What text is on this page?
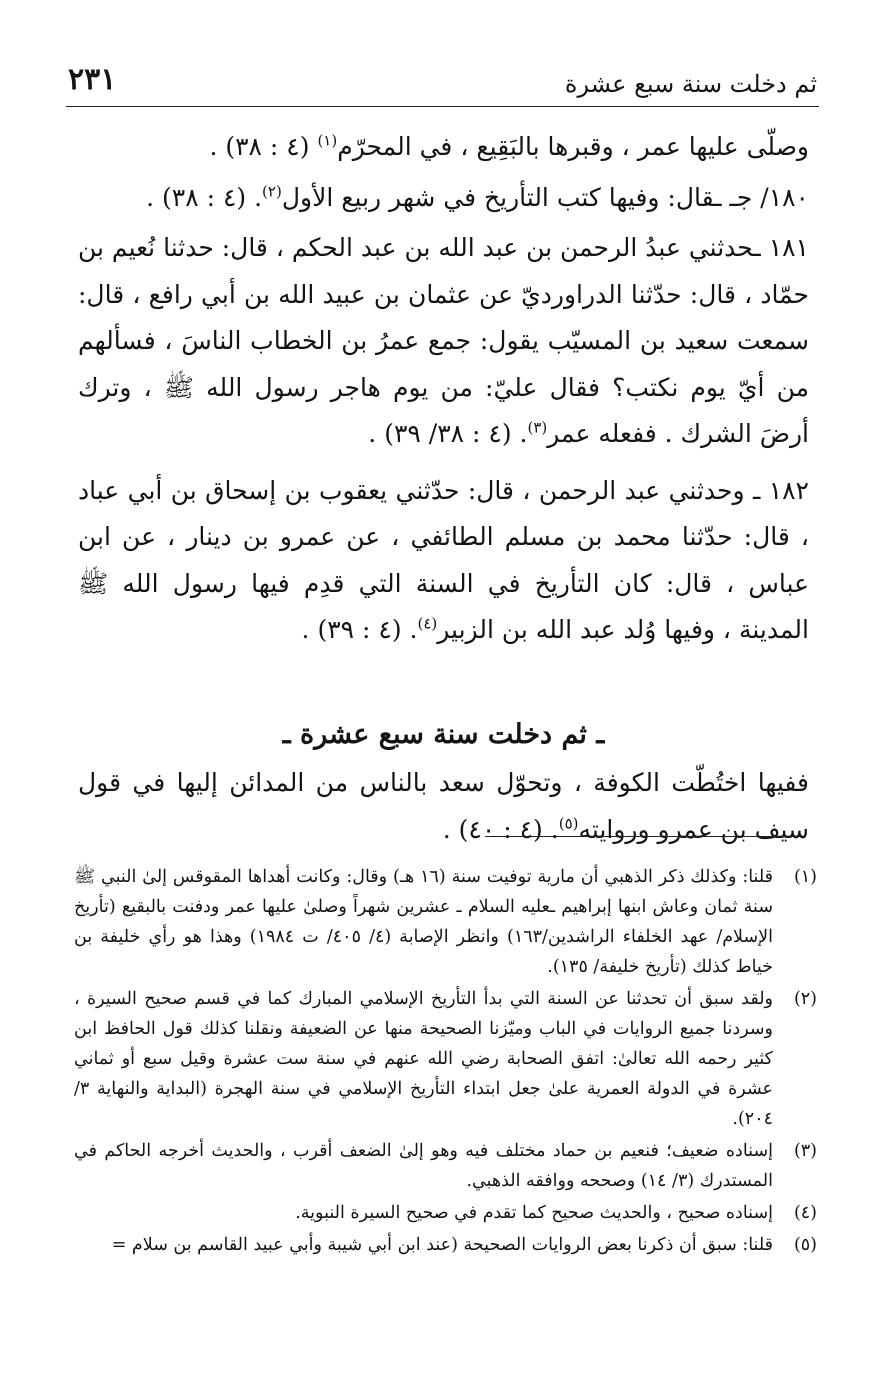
ثم دخلت سنة سبع عشرة
٢٣١

وصلّى عليها عمر ، وقبرها بالبَقِيع ، في المحرّم$^{(١)}$ (٤ : ٣٨) .

١٨٠/ جـ ـقال: وفيها كتب التأريخ في شهر ربيع الأول$^{(٢)}$. (٤ : ٣٨) .

١٨١ ـحدثني عبدُ الرحمن بن عبد الله بن عبد الحكم ، قال: حدثنا نُعيم بن حمّاد ، قال: حدّثنا الدراورديّ عن عثمان بن عبيد الله بن أبي رافع ، قال: سمعت سعيد بن المسيّب يقول: جمع عمرُ بن الخطاب الناسَ ، فسألهم من أيّ يوم نكتب؟ فقال عليّ: من يوم هاجر رسول الله ﷺ ، وترك أرضَ الشرك . ففعله عمر$^{(٣)}$. (٤ : ٣٨/ ٣٩) .

١٨٢ ـ وحدثني عبد الرحمن ، قال: حدّثني يعقوب بن إسحاق بن أبي عباد ، قال: حدّثنا محمد بن مسلم الطائفي ، عن عمرو بن دينار ، عن ابن عباس ، قال: كان التأريخ في السنة التي قدِم فيها رسول الله ﷺ المدينة ، وفيها وُلد عبد الله بن الزبير$^{(٤)}$. (٤ : ٣٩) .

ـ ثم دخلت سنة سبع عشرة ـ

ففيها اختُطّت الكوفة ، وتحوّل سعد بالناس من المدائن إليها في قول سيف بن عمرو وروايته$^{(٥)}$. (٤ : ٤٠) .

(١)
قلنا: وكذلك ذكر الذهبي أن مارية توفيت سنة (١٦ هـ) وقال: وكانت أهداها المقوقس إلىٰ النبي ﷺ سنة ثمان وعاش ابنها إبراهيم ـعليه السلام ـ عشرين شهراً وصلىٰ عليها عمر ودفنت بالبقيع (تأريخ الإسلام/ عهد الخلفاء الراشدين/١٦٣) وانظر الإصابة (٤/ ٤٠٥/ ت ١٩٨٤) وهذا هو رأي خليفة بن خياط كذلك (تأريخ خليفة/ ١٣٥).
(٢)
ولقد سبق أن تحدثنا عن السنة التي بدأ التأريخ الإسلامي المبارك كما في قسم صحيح السيرة ، وسردنا جميع الروايات في الباب وميّزنا الصحيحة منها عن الضعيفة ونقلنا كذلك قول الحافظ ابن كثير رحمه الله تعالىٰ: اتفق الصحابة رضي الله عنهم في سنة ست عشرة وقيل سبع أو ثماني عشرة في الدولة العمرية علىٰ جعل ابتداء التأريخ الإسلامي في سنة الهجرة (البداية والنهاية ٣/ ٢٠٤).
(٣)
إسناده ضعيف؛ فنعيم بن حماد مختلف فيه وهو إلىٰ الضعف أقرب ، والحديث أخرجه الحاكم في المستدرك (٣/ ١٤) وصححه ووافقه الذهبي.
(٤)
إسناده صحيح ، والحديث صحيح كما تقدم في صحيح السيرة النبوية.
(٥)
قلنا: سبق أن ذكرنا بعض الروايات الصحيحة (عند ابن أبي شيبة وأبي عبيد القاسم بن سلام =
